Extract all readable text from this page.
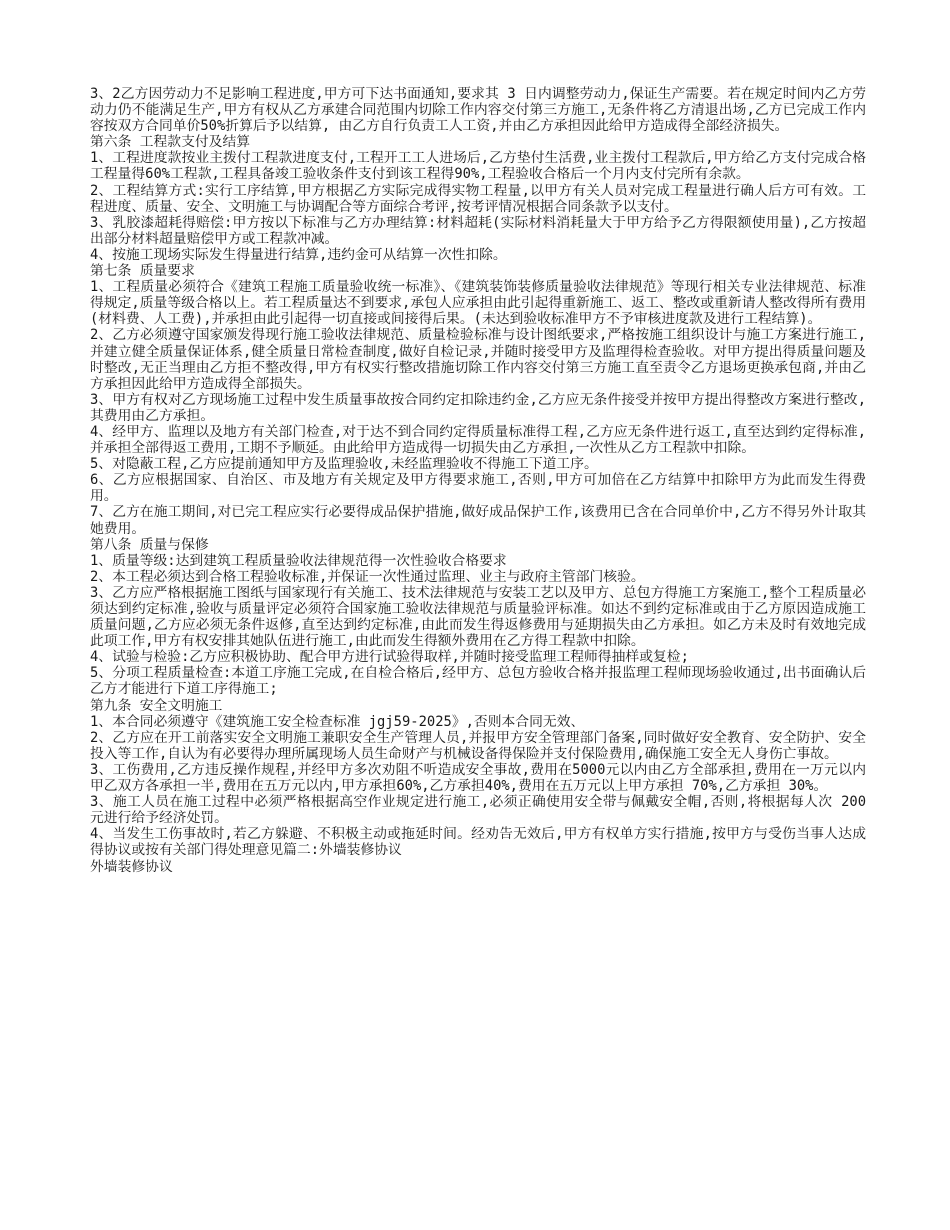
3、2乙方因劳动力不足影响工程进度,甲方可下达书面通知,要求其 3 日内调整劳动力,保证生产需要。若在规定时间内乙方劳动力仍不能满足生产,甲方有权从乙方承建合同范围内切除工作内容交付第三方施工,无条件将乙方清退出场,乙方已完成工作内容按双方合同单价50%折算后予以结算, 由乙方自行负责工人工资,并由乙方承担因此给甲方造成得全部经济损失。

第六条 工程款支付及结算

1、工程进度款按业主拨付工程款进度支付,工程开工工人进场后,乙方垫付生活费,业主拨付工程款后,甲方给乙方支付完成合格工程量得60%工程款,工程具备竣工验收条件支付到该工程得90%,工程验收合格后一个月内支付完所有余款。

2、工程结算方式:实行工序结算,甲方根据乙方实际完成得实物工程量,以甲方有关人员对完成工程量进行确人后方可有效。工程进度、质量、安全、文明施工与协调配合等方面综合考评,按考评情况根据合同条款予以支付。

3、乳胶漆超耗得赔偿:甲方按以下标准与乙方办理结算:材料超耗(实际材料消耗量大于甲方给予乙方得限额使用量),乙方按超出部分材料超量赔偿甲方或工程款冲减。

4、按施工现场实际发生得量进行结算,违约金可从结算一次性扣除。

第七条 质量要求

1、工程质量必须符合《建筑工程施工质量验收统一标准》、《建筑装饰装修质量验收法律规范》等现行相关专业法律规范、标准得规定,质量等级合格以上。若工程质量达不到要求,承包人应承担由此引起得重新施工、返工、整改或重新请人整改得所有费用(材料费、人工费),并承担由此引起得一切直接或间接得后果。(未达到验收标准甲方不予审核进度款及进行工程结算)。

2、乙方必须遵守国家颁发得现行施工验收法律规范、质量检验标准与设计图纸要求,严格按施工组织设计与施工方案进行施工,并建立健全质量保证体系,健全质量日常检查制度,做好自检记录,并随时接受甲方及监理得检查验收。对甲方提出得质量问题及时整改,无正当理由乙方拒不整改得,甲方有权实行整改措施切除工作内容交付第三方施工直至责令乙方退场更换承包商,并由乙方承担因此给甲方造成得全部损失。

3、甲方有权对乙方现场施工过程中发生质量事故按合同约定扣除违约金,乙方应无条件接受并按甲方提出得整改方案进行整改,其费用由乙方承担。

4、经甲方、监理以及地方有关部门检查,对于达不到合同约定得质量标准得工程,乙方应无条件进行返工,直至达到约定得标准,并承担全部得返工费用,工期不予顺延。由此给甲方造成得一切损失由乙方承担,一次性从乙方工程款中扣除。

5、对隐蔽工程,乙方应提前通知甲方及监理验收,未经监理验收不得施工下道工序。

6、乙方应根据国家、自治区、市及地方有关规定及甲方得要求施工,否则,甲方可加倍在乙方结算中扣除甲方为此而发生得费用。

7、乙方在施工期间,对已完工程应实行必要得成品保护措施,做好成品保护工作,该费用已含在合同单价中,乙方不得另外计取其她费用。

第八条 质量与保修

1、质量等级:达到建筑工程质量验收法律规范得一次性验收合格要求

2、本工程必须达到合格工程验收标准,并保证一次性通过监理、业主与政府主管部门核验。

3、乙方应严格根据施工图纸与国家现行有关施工、技术法律规范与安装工艺以及甲方、总包方得施工方案施工,整个工程质量必须达到约定标准,验收与质量评定必须符合国家施工验收法律规范与质量验评标准。如达不到约定标准或由于乙方原因造成施工质量问题,乙方应必须无条件返修,直至达到约定标准,由此而发生得返修费用与延期损失由乙方承担。如乙方未及时有效地完成此项工作,甲方有权安排其她队伍进行施工,由此而发生得额外费用在乙方得工程款中扣除。

4、试验与检验:乙方应积极协助、配合甲方进行试验得取样,并随时接受监理工程师得抽样或复检;

5、分项工程质量检查:本道工序施工完成,在自检合格后,经甲方、总包方验收合格并报监理工程师现场验收通过,出书面确认后乙方才能进行下道工序得施工;

第九条 安全文明施工

1、本合同必须遵守《建筑施工安全检查标准 jgj59-2025》,否则本合同无效、

2、乙方应在开工前落实安全文明施工兼职安全生产管理人员,并报甲方安全管理部门备案,同时做好安全教育、安全防护、安全投入等工作,自认为有必要得办理所属现场人员生命财产与机械设备得保险并支付保险费用,确保施工安全无人身伤亡事故。

3、工伤费用,乙方违反操作规程,并经甲方多次劝阻不听造成安全事故,费用在5000元以内由乙方全部承担,费用在一万元以内甲乙双方各承担一半,费用在五万元以内,甲方承担60%,乙方承担40%,费用在五万元以上甲方承担 70%,乙方承担 30%。

3、施工人员在施工过程中必须严格根据高空作业规定进行施工,必须正确使用安全带与佩戴安全帽,否则,将根据每人次 200 元进行给予经济处罚。

4、当发生工伤事故时,若乙方躲避、不积极主动或拖延时间。经劝告无效后,甲方有权单方实行措施,按甲方与受伤当事人达成得协议或按有关部门得处理意见篇二:外墙装修协议

外墙装修协议
